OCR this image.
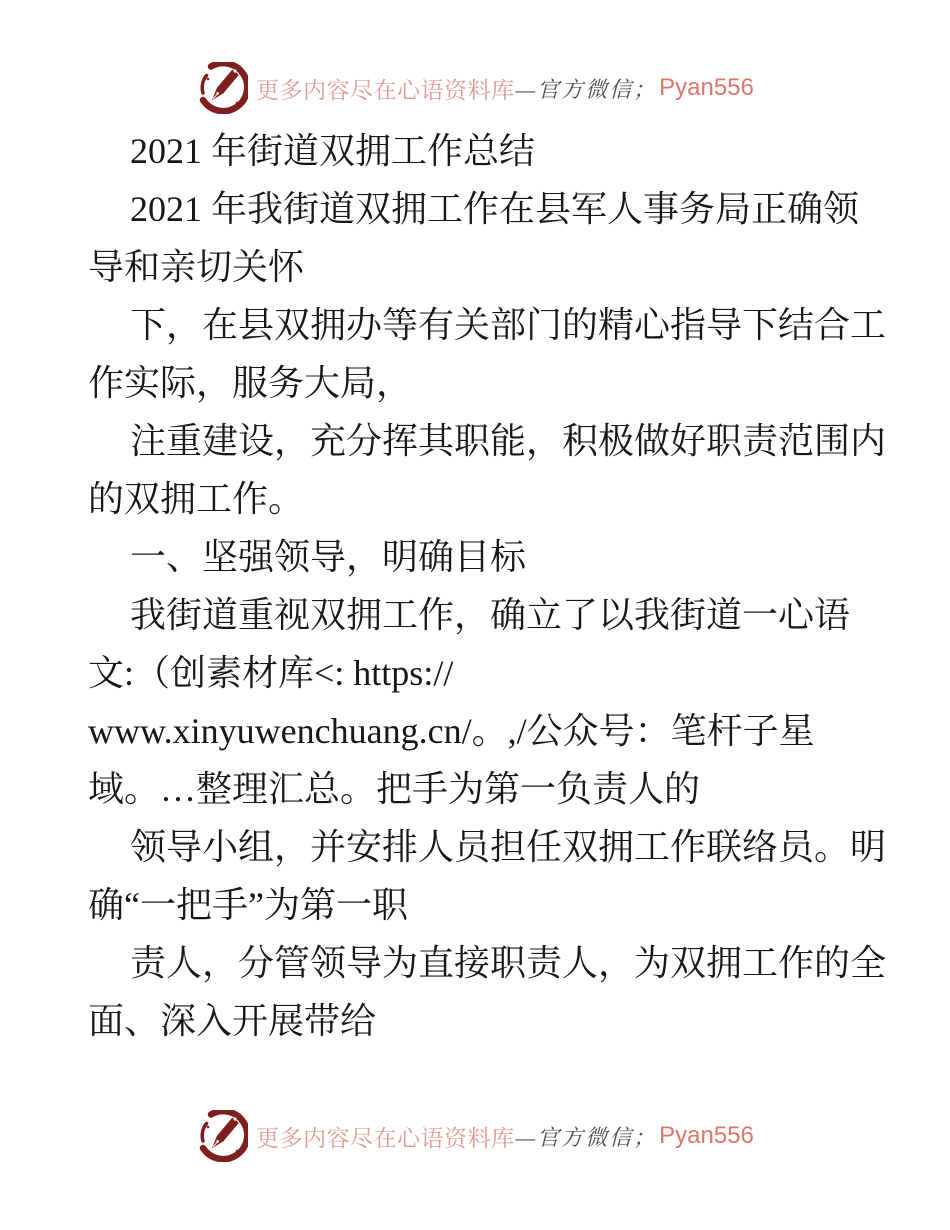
更多内容尽在心语资料库 —官方微信； Pyan556
2021 年街道双拥工作总结
2021 年我街道双拥工作在县军人事务局正确领
导和亲切关怀
下，在县双拥办等有关部门的精心指导下结合工
作实际，服务大局，
注重建设，充分挥其职能，积极做好职责范围内
的双拥工作。
一、坚强领导，明确目标
我街道重视双拥工作，确立了以我街道一心语
文:（创素材库<: https://
www.xinyuwenchuang.cn/。,/公众号：笔杆子星
域。…整理汇总。把手为第一负责人的
领导小组，并安排人员担任双拥工作联络员。明
确“一把手”为第一职
责人，分管领导为直接职责人，为双拥工作的全
面、深入开展带给
更多内容尽在心语资料库 —官方微信； Pyan556
